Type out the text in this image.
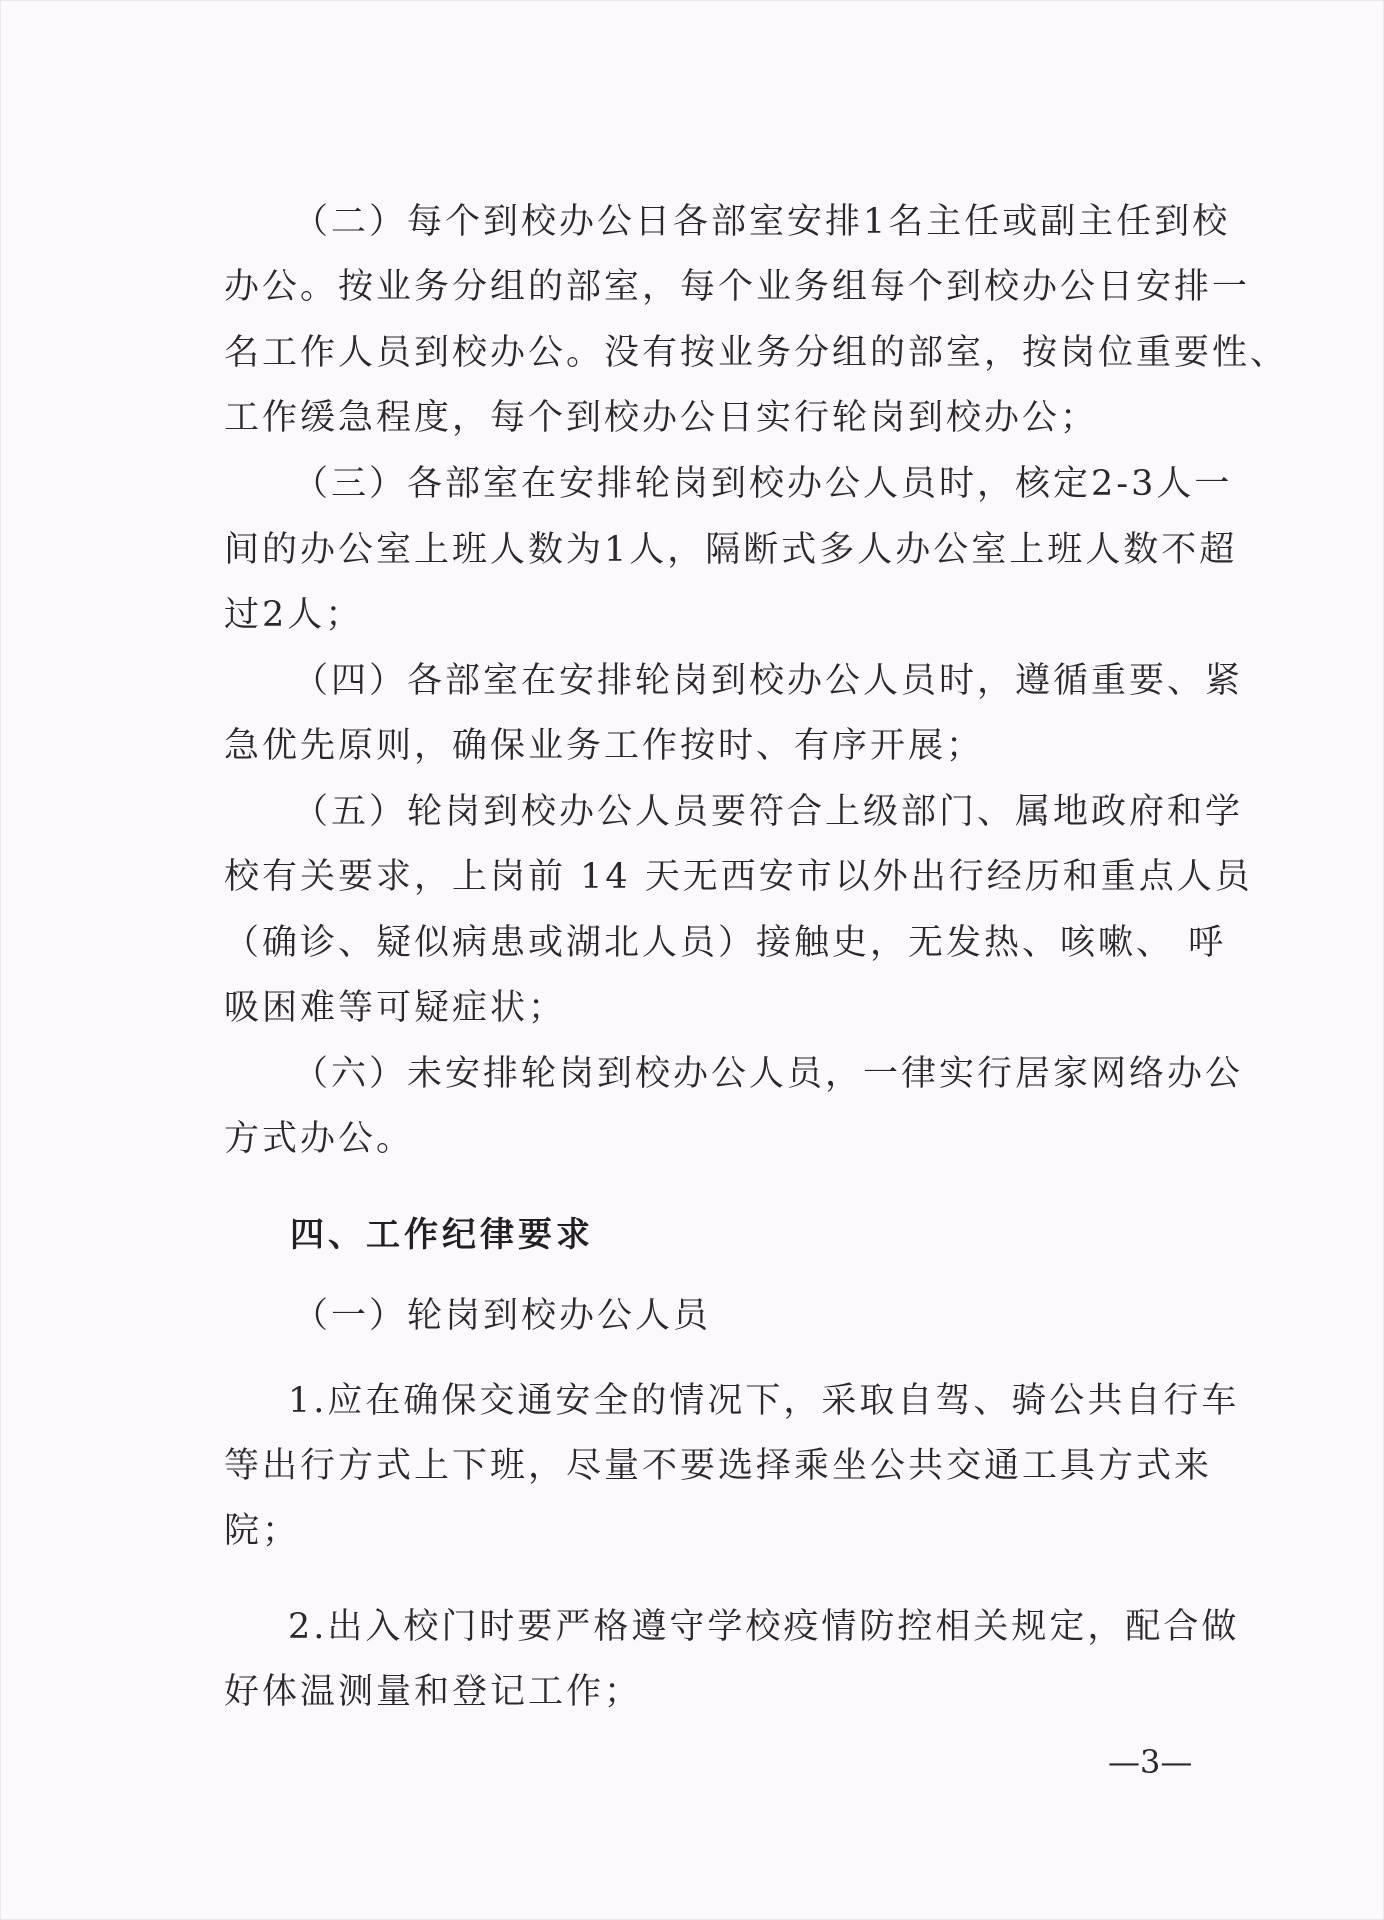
（二）每个到校办公日各部室安排1名主任或副主任到校
办公。按业务分组的部室，每个业务组每个到校办公日安排一
名工作人员到校办公。没有按业务分组的部室，按岗位重要性、
工作缓急程度，每个到校办公日实行轮岗到校办公；
（三）各部室在安排轮岗到校办公人员时，核定2-3人一
间的办公室上班人数为1人，隔断式多人办公室上班人数不超
过2人；
（四）各部室在安排轮岗到校办公人员时，遵循重要、紧
急优先原则，确保业务工作按时、有序开展；
（五）轮岗到校办公人员要符合上级部门、属地政府和学
校有关要求，上岗前 14 天无西安市以外出行经历和重点人员
（确诊、疑似病患或湖北人员）接触史，无发热、咳嗽、 呼
吸困难等可疑症状；
（六）未安排轮岗到校办公人员，一律实行居家网络办公
方式办公。
四、工作纪律要求
（一）轮岗到校办公人员
1.应在确保交通安全的情况下，采取自驾、骑公共自行车
等出行方式上下班，尽量不要选择乘坐公共交通工具方式来
院；
2.出入校门时要严格遵守学校疫情防控相关规定，配合做
好体温测量和登记工作；
—3—
